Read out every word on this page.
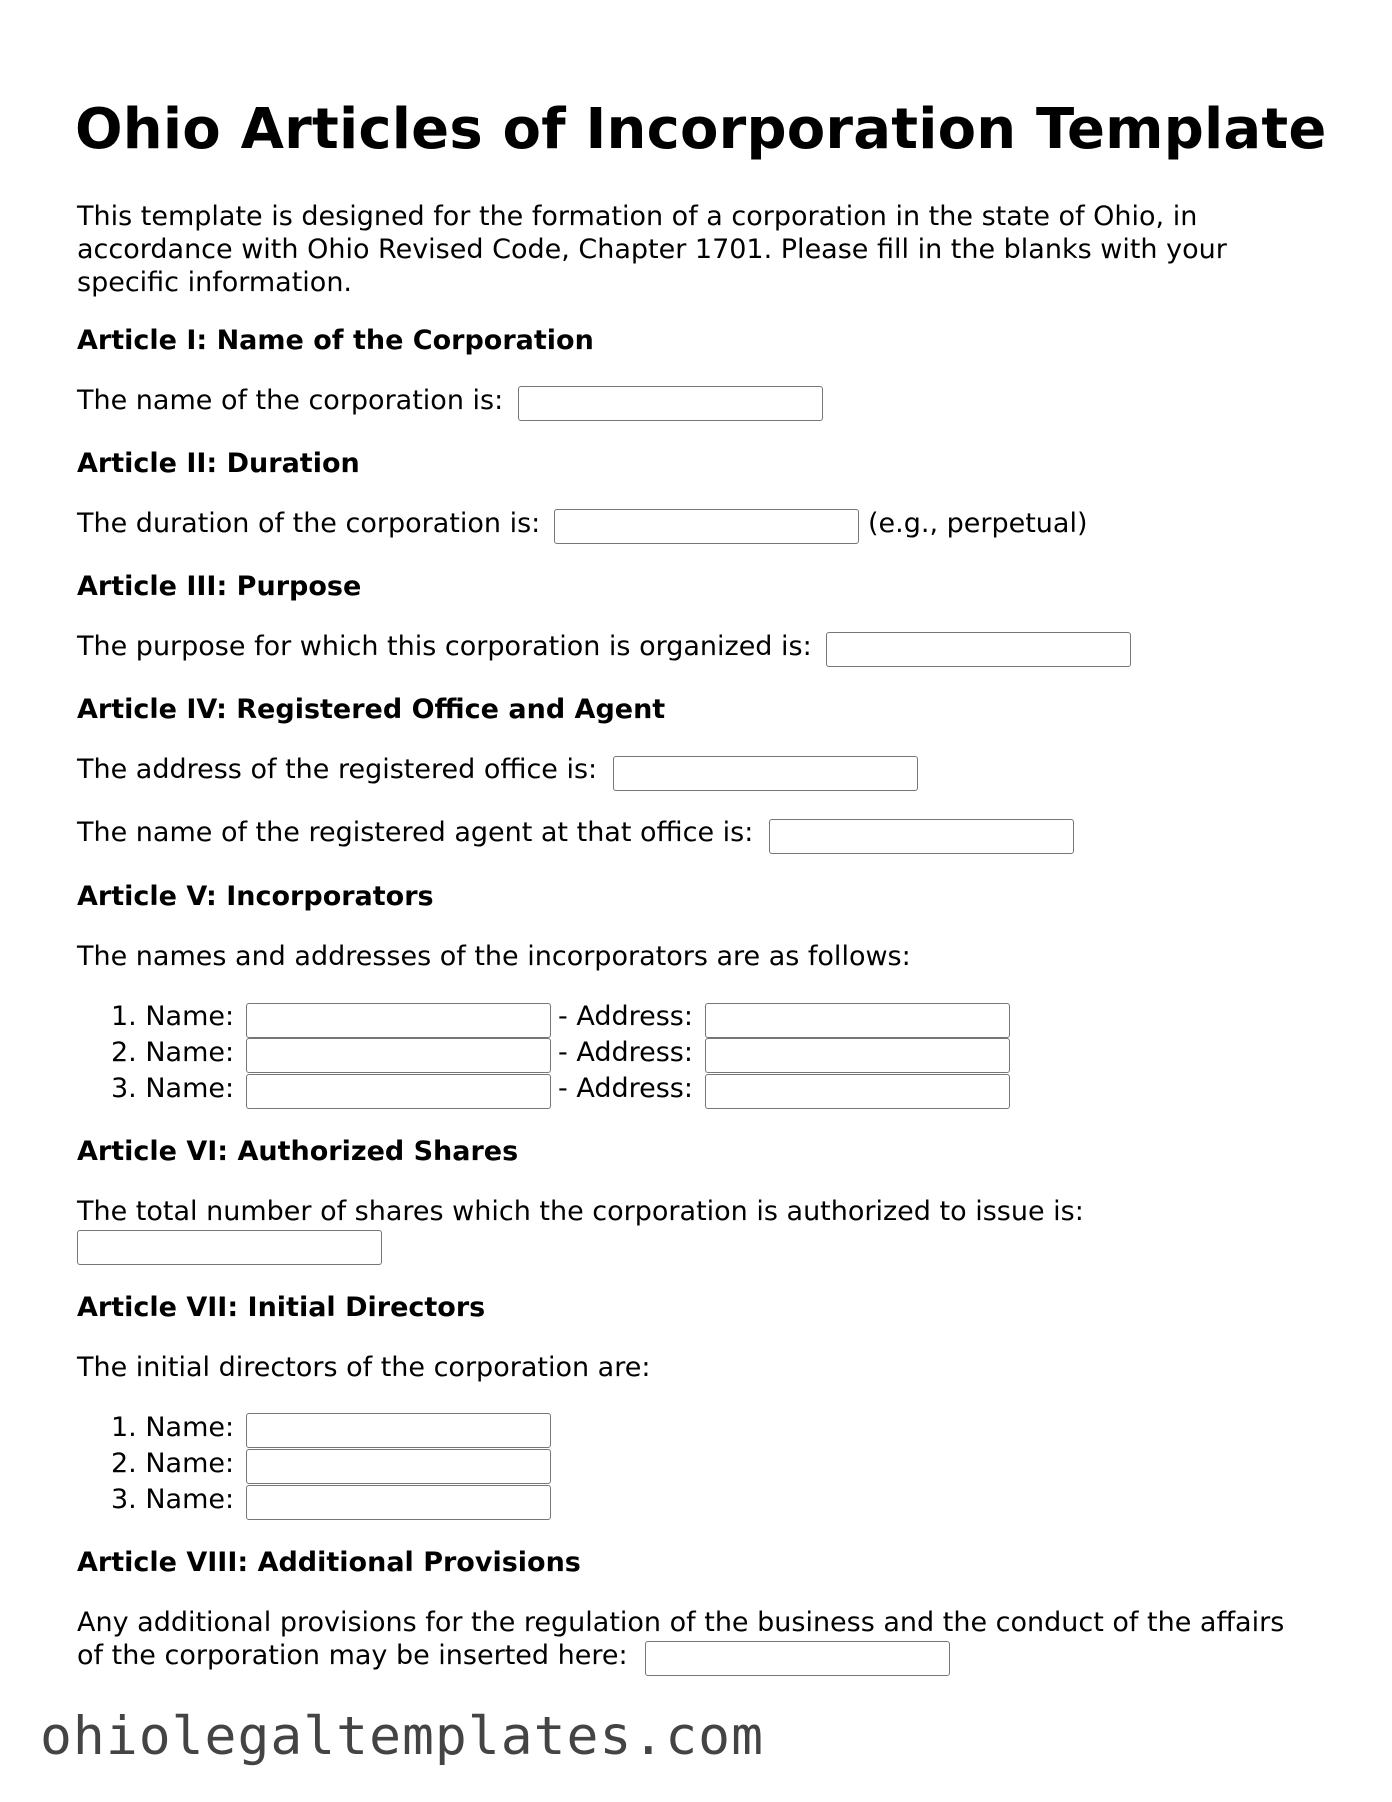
Ohio Articles of Incorporation Template

This template is designed for the formation of a corporation in the state of Ohio, in accordance with Ohio Revised Code, Chapter 1701. Please fill in the blanks with your specific information.

Article I: Name of the Corporation
The name of the corporation is:
Article II: Duration
The duration of the corporation is:	(e.g., perpetual)
Article III: Purpose
The purpose for which this corporation is organized is:
Article IV: Registered Office and Agent
The address of the registered office is:
The name of the registered agent at that office is:
Article V: Incorporators
The names and addresses of the incorporators are as follows:
1. Name:	- Address:
2. Name:	- Address:
3. Name:	- Address:
Article VI: Authorized Shares
The total number of shares which the corporation is authorized to issue is:
Article VII: Initial Directors
The initial directors of the corporation are:
1. Name:
2. Name:
3. Name:
Article VIII: Additional Provisions
Any additional provisions for the regulation of the business and the conduct of the affairs
of the corporation may be inserted here:
ohiolegaltemplates.com
